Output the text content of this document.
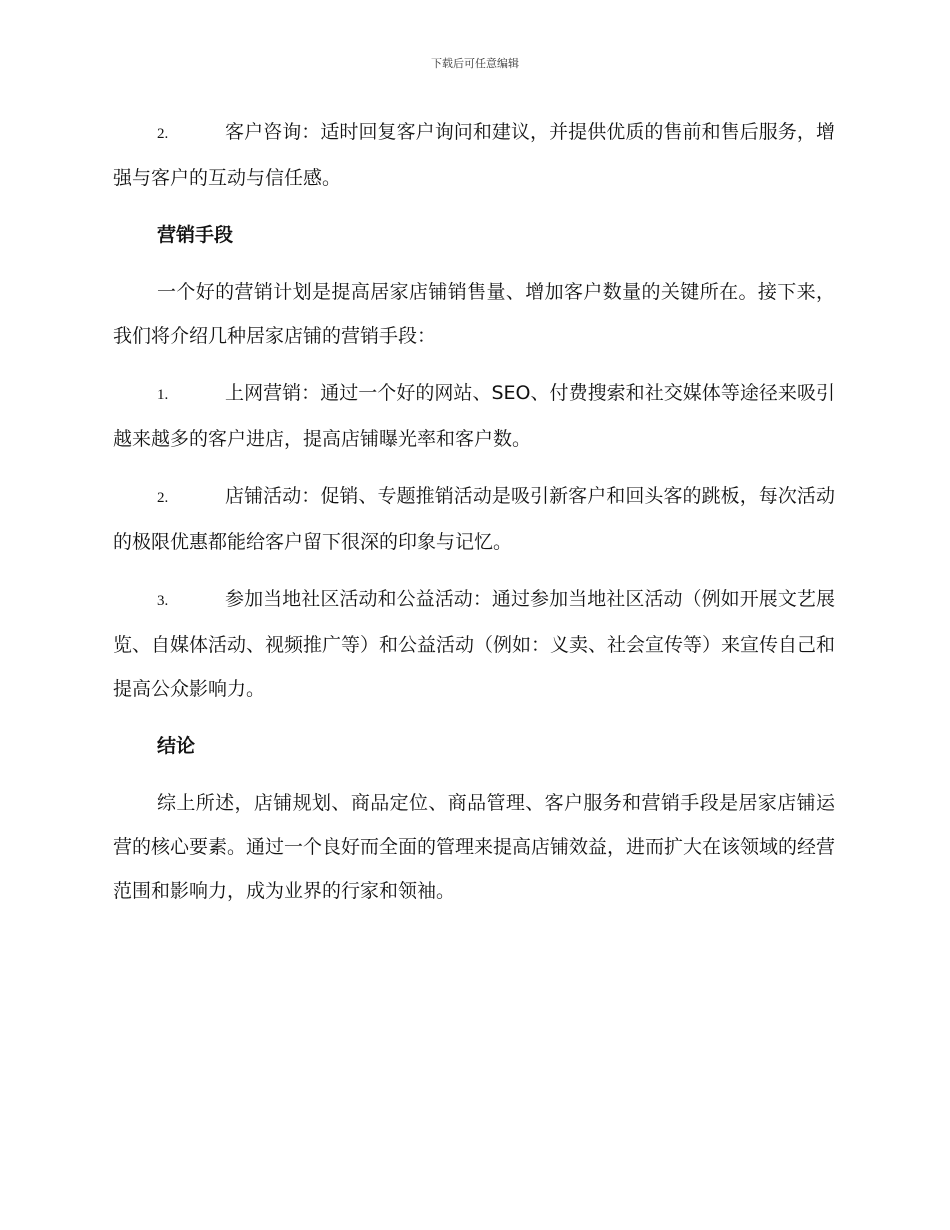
下载后可任意编辑

2.	客户咨询：适时回复客户询问和建议，并提供优质的售前和售后服务，增强与客户的互动与信任感。

营销手段

一个好的营销计划是提高居家店铺销售量、增加客户数量的关键所在。接下来，我们将介绍几种居家店铺的营销手段：

1.	上网营销：通过一个好的网站、SEO、付费搜索和社交媒体等途径来吸引越来越多的客户进店，提高店铺曝光率和客户数。

2.	店铺活动：促销、专题推销活动是吸引新客户和回头客的跳板，每次活动的极限优惠都能给客户留下很深的印象与记忆。

3.	参加当地社区活动和公益活动：通过参加当地社区活动（例如开展文艺展览、自媒体活动、视频推广等）和公益活动（例如：义卖、社会宣传等）来宣传自己和提高公众影响力。

结论

综上所述，店铺规划、商品定位、商品管理、客户服务和营销手段是居家店铺运营的核心要素。通过一个良好而全面的管理来提高店铺效益，进而扩大在该领域的经营范围和影响力，成为业界的行家和领袖。
